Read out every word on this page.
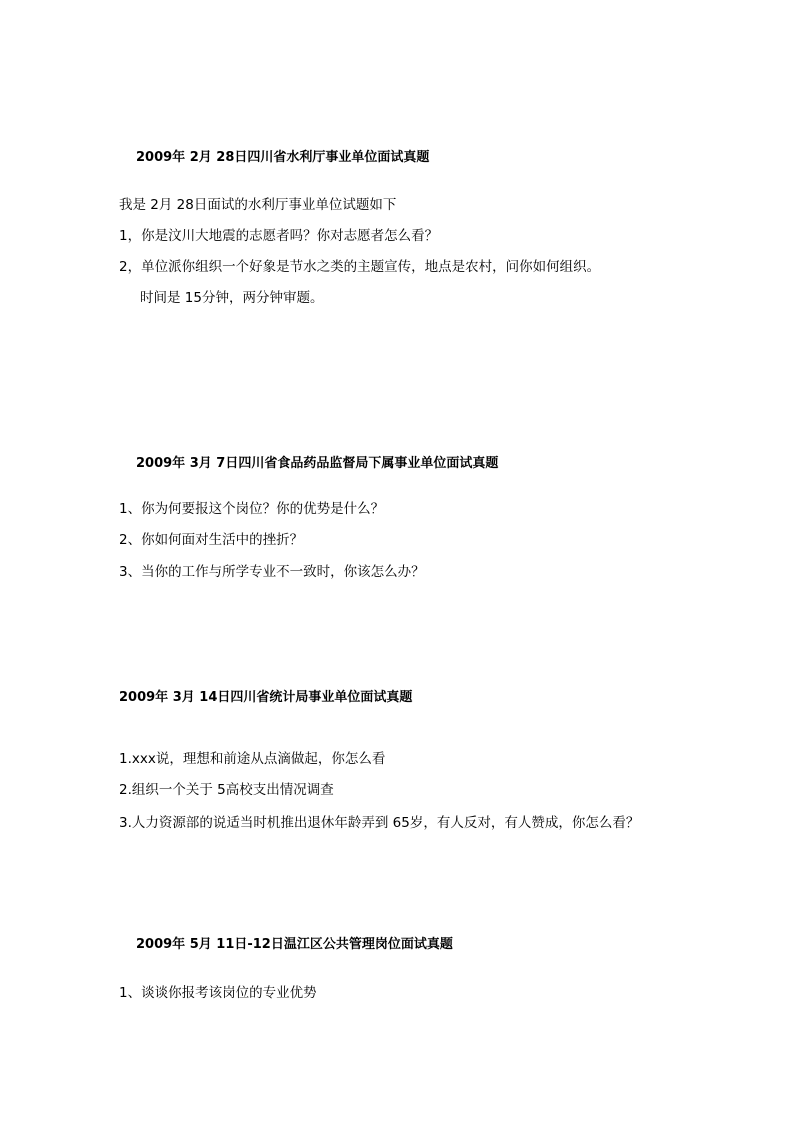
2009年 2月 28日四川省水利厅事业单位面试真题
我是 2月 28日面试的水利厅事业单位试题如下
1，你是汶川大地震的志愿者吗？你对志愿者怎么看？
2，单位派你组织一个好象是节水之类的主题宣传，地点是农村，问你如何组织。
时间是 15分钟，两分钟审题。
2009年 3月 7日四川省食品药品监督局下属事业单位面试真题
1、你为何要报这个岗位？你的优势是什么？
2、你如何面对生活中的挫折？
3、当你的工作与所学专业不一致时，你该怎么办？
2009年 3月 14日四川省统计局事业单位面试真题
1.xxx说，理想和前途从点滴做起，你怎么看
2.组织一个关于 5高校支出情况调查
3.人力资源部的说适当时机推出退休年龄弄到 65岁，有人反对，有人赞成，你怎么看？
2009年 5月 11日-12日温江区公共管理岗位面试真题
1、谈谈你报考该岗位的专业优势
